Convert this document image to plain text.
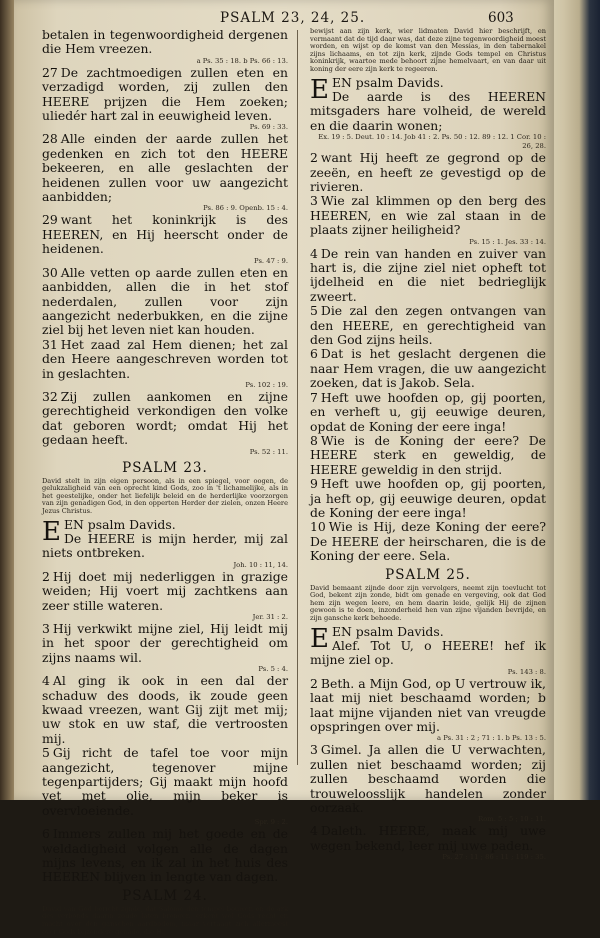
PSALM 23, 24, 25.	603

betalen in tegenwoordigheid dergenen die Hem vreezen.

a Ps. 35 : 18. b Ps. 66 : 13.

27 De zachtmoedigen zullen eten en verzadigd worden, zij zullen den HEERE prijzen die Hem zoeken; uliedér hart zal in eeuwigheid leven.

Ps. 69 : 33.

28 Alle einden der aarde zullen het gedenken en zich tot den HEERE bekeeren, en alle geslachten der heidenen zullen voor uw aangezicht aanbidden;

Ps. 86 : 9. Openb. 15 : 4.

29 want het koninkrijk is des HEEREN, en Hij heerscht onder de heidenen.

Ps. 47 : 9.

30 Alle vetten op aarde zullen eten en aanbidden, allen die in het stof nederdalen, zullen voor zijn aangezicht nederbukken, en die zijne ziel bij het leven niet kan houden.

31 Het zaad zal Hem dienen; het zal den Heere aangeschreven worden tot in geslachten.

Ps. 102 : 19.

32 Zij zullen aankomen en zijne gerechtigheid verkondigen den volke dat geboren wordt; omdat Hij het gedaan heeft.

Ps. 52 : 11.

PSALM 23.

David stelt in zijn eigen persoon, als in een spiegel, voor oogen, de gelukzaligheid van een oprecht kind Gods, zoo in 't lichamelijke, als in het geestelijke, onder het liefelijk beleid en de herderlijke voorzorgen van zijn genadigen God, in den opperten Herder der zielen, onzen Heere Jezus Christus.

EEN psalm Davids.

De HEERE is mijn herder, mij zal niets ontbreken.

Joh. 10 : 11, 14.

2 Hij doet mij nederliggen in grazige weiden; Hij voert mij zachtkens aan zeer stille wateren.

Jer. 31 : 2.

3 Hij verkwikt mijne ziel, Hij leidt mij in het spoor der gerechtigheid om zijns naams wil.

Ps. 5 : 4.

4 Al ging ik ook in een dal der schaduw des doods, ik zoude geen kwaad vreezen, want Gij zijt met mij; uw stok en uw staf, die vertroosten mij.

5 Gij richt de tafel toe voor mijn aangezicht, tegenover mijne tegenpartijders; Gij maakt mijn hoofd vet met olie, mijn beker is overvloeiende.

Spr. 9 : 2.

6 Immers zullen mij het goede en de weldadigheid volgen alle de dagen mijns levens, en ik zal in het huis des HEEREN blijven in lengte van dagen.

PSALM 24.

David van God bericht zijnde, dat Salomo den tempel bouwen en de ark des verbonds daarin zoude laten brengen, erkent wel Gods recht en macht over den ganschen aardbodem, maar vertaagt zich allermeest over Gods bijzondere genade, die Hij

bewijst aan zijn kerk, wier lidmaten David hier beschrijft, en vermaant dat de tijd daar was, dat deze zijne tegenwoordigheid moest worden, en wijst op de komst van den Messias, in den tabernakel zijns lichaams, en tot zijn kerk, zijnde Gods tempel en Christus koninkrijk, waartoe mede behoort zijne hemelvaart, en van daar uit koning der eere zijn kerk te regeeren.

EEN psalm Davids.

De aarde is des HEEREN mitsgaders hare volheid, de wereld en die daarin wonen;

Ex. 19 : 5. Deut. 10 : 14. Job 41 : 2. Ps. 50 : 12. 89 : 12. 1 Cor. 10 : 26, 28.

2 want Hij heeft ze gegrond op de zeeën, en heeft ze gevestigd op de rivieren.

3 Wie zal klimmen op den berg des HEEREN, en wie zal staan in de plaats zijner heiligheid?

Ps. 15 : 1. Jes. 33 : 14.

4 De rein van handen en zuiver van hart is, die zijne ziel niet opheft tot ijdelheid en die niet bedrieglijk zweert.

5 Die zal den zegen ontvangen van den HEERE, en gerechtigheid van den God zijns heils.

6 Dat is het geslacht dergenen die naar Hem vragen, die uw aangezicht zoeken, dat is Jakob. Sela.

7 Heft uwe hoofden op, gij poorten, en verheft u, gij eeuwige deuren, opdat de Koning der eere inga!

8 Wie is de Koning der eere? De HEERE sterk en geweldig, de HEERE geweldig in den strijd.

9 Heft uwe hoofden op, gij poorten, ja heft op, gij eeuwige deuren, opdat de Koning der eere inga!

10 Wie is Hij, deze Koning der eere? De HEERE der heirscharen, die is de Koning der eere. Sela.

PSALM 25.

David bemaant zijnde door zijn vervolgers, neemt zijn toevlucht tot God, bekent zijn zonde, bidt om genade en vergeving, ook dat God hem zijn wegen leere, en hem daarin leide, gelijk Hij de zijnen gewoon is te doen, inzonderheid hen van zijne vijanden bevrijde, en zijn gansche kerk behoede.

EEN psalm Davids.

Alef. Tot U, o HEERE! hef ik mijne ziel op.

Ps. 143 : 8.

2 Beth. a Mijn God, op U vertrouw ik, laat mij niet beschaamd worden; b laat mijne vijanden niet van vreugde opspringen over mij.

a Ps. 31 : 2 ; 71 : 1. b Ps. 13 : 5.

3 Gimel. Ja allen die U verwachten, zullen niet beschaamd worden; zij zullen beschaamd worden die trouweloosslijk handelen zonder oorzaak.

Rom. 5 : 5 ; 10 : 11.

4 Daleth. HEERE, maak mij uwe wegen bekend, leer mij uwe paden.

Ps. 27 : 11 ; 86 : 11 ; 119 : 35.
